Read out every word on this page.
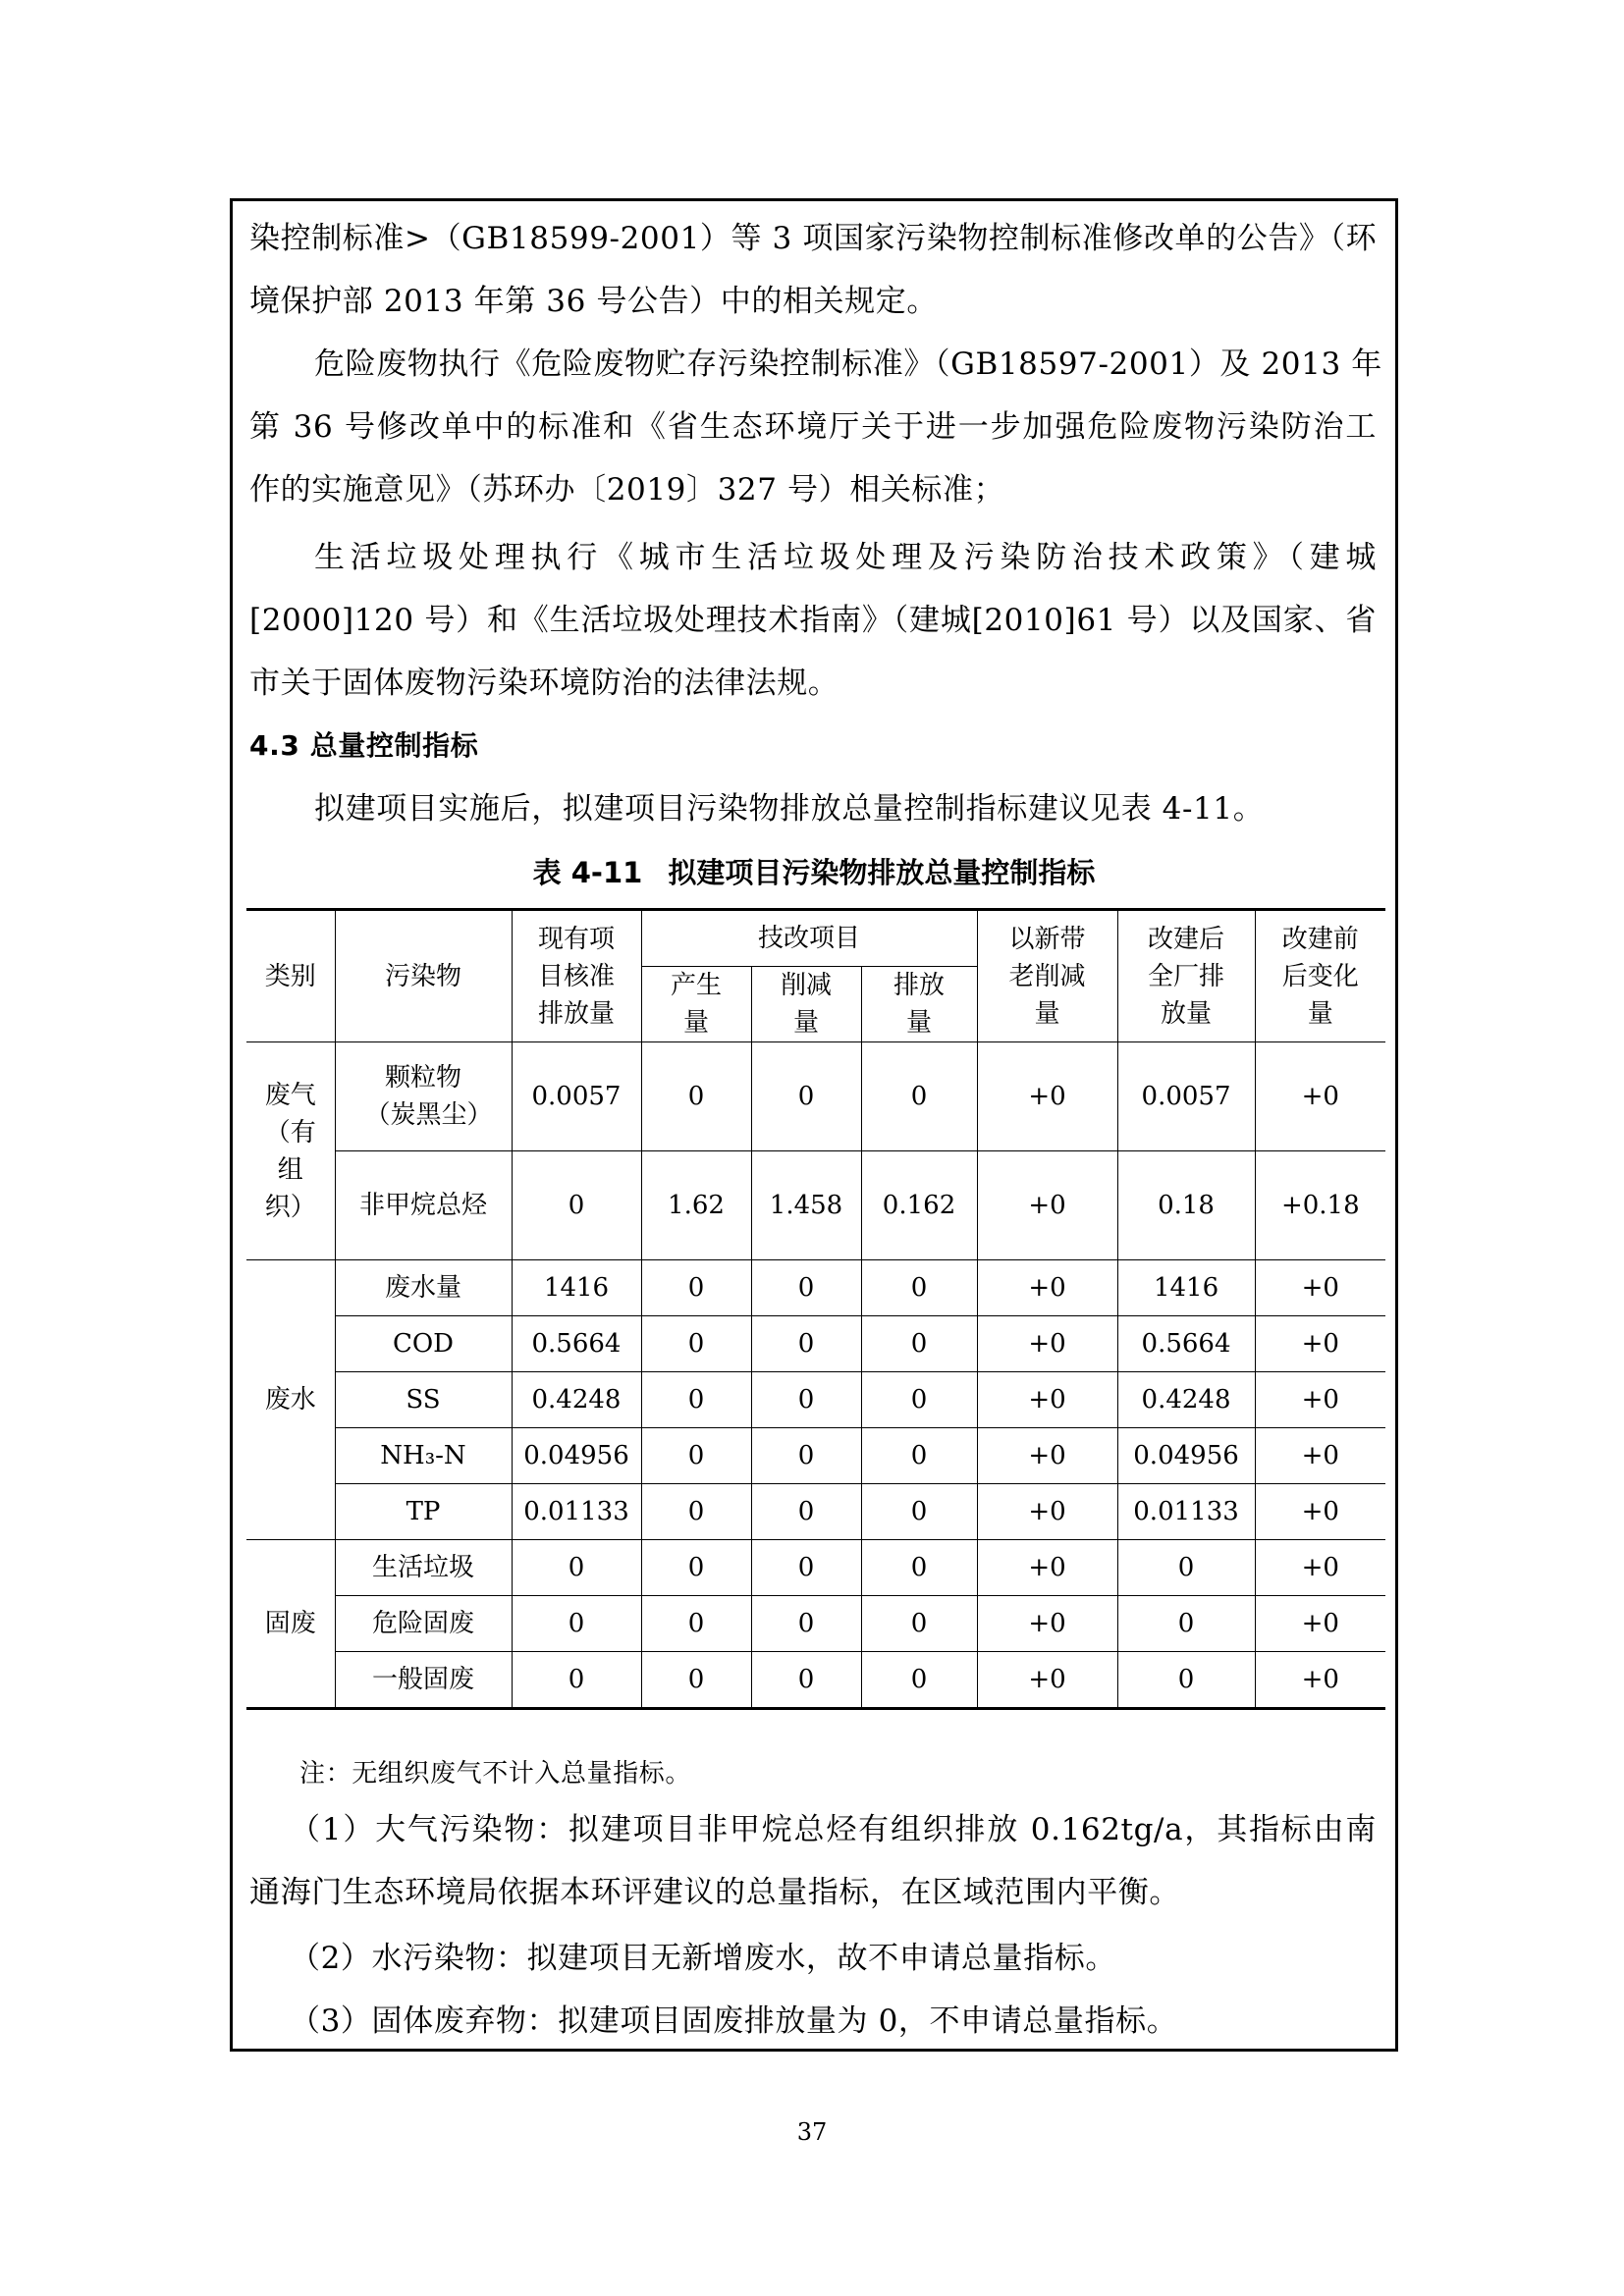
染控制标准>（GB18599-2001）等 3 项国家污染物控制标准修改单的公告》（环
境保护部 2013 年第 36 号公告）中的相关规定。
危险废物执行《危险废物贮存污染控制标准》（GB18597-2001）及 2013 年
第 36 号修改单中的标准和《省生态环境厅关于进一步加强危险废物污染防治工
作的实施意见》（苏环办〔2019〕327 号）相关标准；
生活垃圾处理执行《城市生活垃圾处理及污染防治技术政策》（建城
[2000]120 号）和《生活垃圾处理技术指南》（建城[2010]61 号）以及国家、省
市关于固体废物污染环境防治的法律法规。
4.3 总量控制指标
拟建项目实施后，拟建项目污染物排放总量控制指标建议见表 4-11。
表 4-11 拟建项目污染物排放总量控制指标
类别	污染物	现有项目核准排放量	技改项目			以新带老削减量	改建后全厂排放量	改建前后变化量
			产生量	削减量	排放量			
废气（有组织）	颗粒物（炭黑尘）	0.0057	0	0	0	+0	0.0057	+0
	非甲烷总烃	0	1.62	1.458	0.162	+0	0.18	+0.18
废水	废水量	1416	0	0	0	+0	1416	+0
	COD	0.5664	0	0	0	+0	0.5664	+0
	SS	0.4248	0	0	0	+0	0.4248	+0
	NH₃-N	0.04956	0	0	0	+0	0.04956	+0
	TP	0.01133	0	0	0	+0	0.01133	+0
固废	生活垃圾	0	0	0	0	+0	0	+0
	危险固废	0	0	0	0	+0	0	+0
	一般固废	0	0	0	0	+0	0	+0
注：无组织废气不计入总量指标。
（1）大气污染物：拟建项目非甲烷总烃有组织排放 0.162tg/a，其指标由南
通海门生态环境局依据本环评建议的总量指标，在区域范围内平衡。
（2）水污染物：拟建项目无新增废水，故不申请总量指标。
（3）固体废弃物：拟建项目固废排放量为 0，不申请总量指标。
37
